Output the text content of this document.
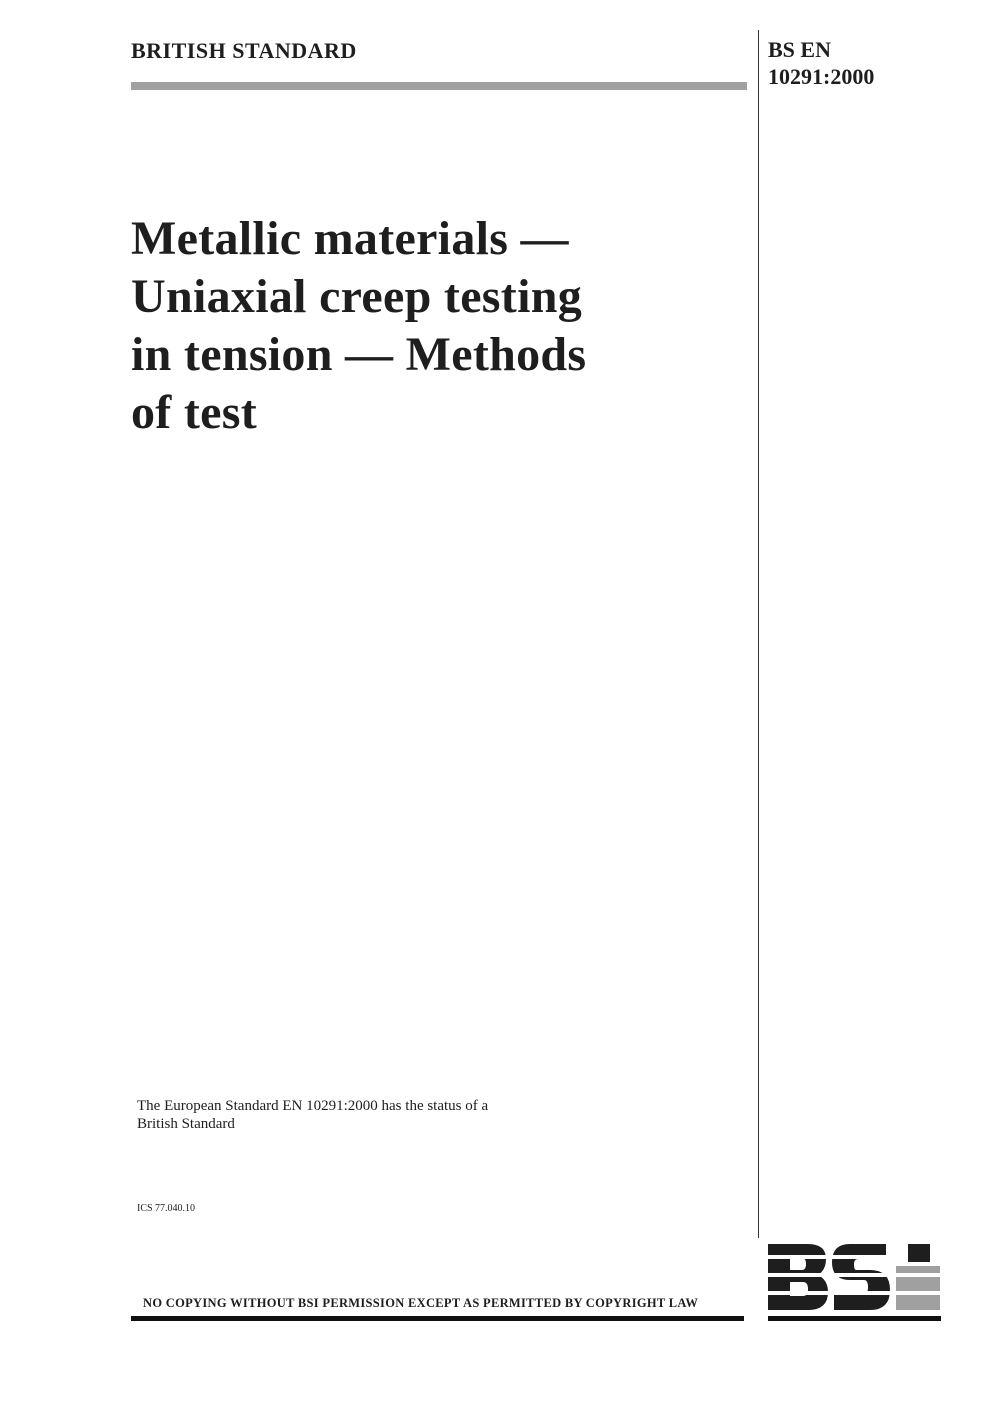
BRITISH STANDARD	BS EN
10291:2000
Metallic materials —
Uniaxial creep testing
in tension — Methods
of test
The European Standard EN 10291:2000 has the status of a
British Standard
ICS 77.040.10
NO COPYING WITHOUT BSI PERMISSION EXCEPT AS PERMITTED BY COPYRIGHT LAW
